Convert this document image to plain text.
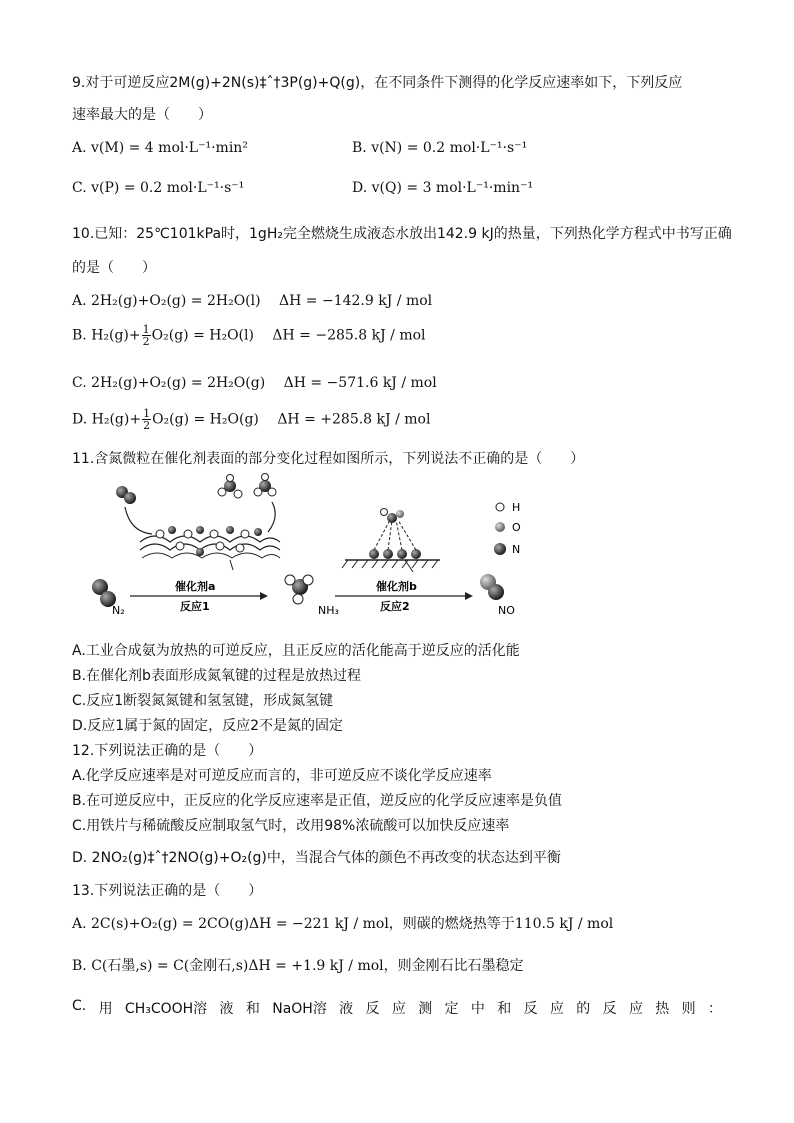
9.对于可逆反应2M(g)+2N(s)‡ˆ†3P(g)+Q(g)，在不同条件下测得的化学反应速率如下，下列反应
速率最大的是（　　）
A. v(M) = 4 mol·L⁻¹·min²	B. v(N) = 0.2 mol·L⁻¹·s⁻¹
C. v(P) = 0.2 mol·L⁻¹·s⁻¹	D. v(Q) = 3 mol·L⁻¹·min⁻¹
10.已知：25℃101kPa时，1gH₂完全燃烧生成液态水放出142.9 kJ的热量，下列热化学方程式中书写正确
的是（　　）
A. 2H₂(g)+O₂(g) = 2H₂O(l)　 ΔH = −142.9 kJ / mol
B. $H_2(g)+ \frac{1}{2} O_2(g) = H_2O(l)$　 ΔH = −285.8 kJ / mol
C. 2H₂(g)+O₂(g) = 2H₂O(g)　 ΔH = −571.6 kJ / mol
D. $H_2(g)+ \frac{1}{2} O_2(g) = H_2O(g)$　 ΔH = +285.8 kJ / mol
11.含氮微粒在催化剂表面的部分变化过程如图所示，下列说法不正确的是（　　）
N₂
催化剂a
反应1	NH₃
催化剂b
反应2	NO
H
O
N
A.工业合成氨为放热的可逆反应，且正反应的活化能高于逆反应的活化能
B.在催化剂b表面形成氮氧键的过程是放热过程
C.反应1断裂氮氮键和氢氢键，形成氮氢键
D.反应1属于氮的固定，反应2不是氮的固定
12.下列说法正确的是（　　）
A.化学反应速率是对可逆反应而言的，非可逆反应不谈化学反应速率
B.在可逆反应中，正反应的化学反应速率是正值，逆反应的化学反应速率是负值
C.用铁片与稀硫酸反应制取氢气时，改用98%浓硫酸可以加快反应速率
D. 2NO₂(g)‡ˆ†2NO(g)+O₂(g)中，当混合气体的颜色不再改变的状态达到平衡
13.下列说法正确的是（　　）
A. 2C(s)+O₂(g) = 2CO(g)ΔH = −221 kJ / mol，则碳的燃烧热等于110.5 kJ / mol
B. C(石墨,s) = C(金刚石,s)ΔH = +1.9 kJ / mol，则金刚石比石墨稳定
C. 用 CH₃COOH溶 液 和 NaOH溶 液 反 应 测 定 中 和 反 应 的 反 应 热 则 ：
